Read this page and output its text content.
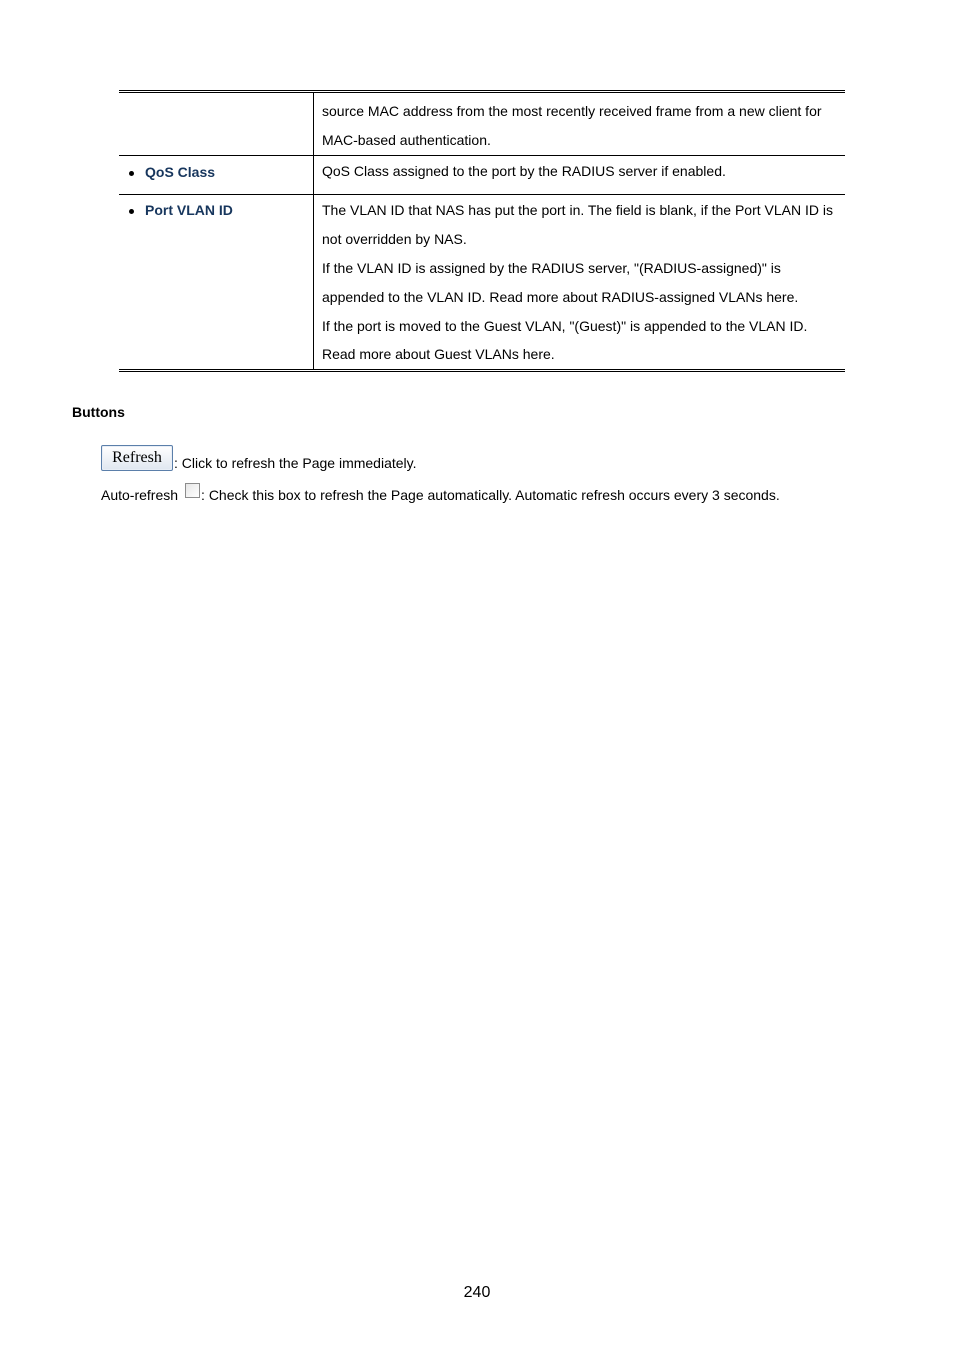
	source MAC address from the most recently received frame from a new client for MAC-based authentication.

QoS Class	QoS Class assigned to the port by the RADIUS server if enabled.

Port VLAN ID	The VLAN ID that NAS has put the port in. The field is blank, if the Port VLAN ID is not overridden by NAS.

If the VLAN ID is assigned by the RADIUS server, "(RADIUS-assigned)" is appended to the VLAN ID. Read more about RADIUS-assigned VLANs here.

If the port is moved to the Guest VLAN, "(Guest)" is appended to the VLAN ID. Read more about Guest VLANs here.

Buttons
Refresh : Click to refresh the Page immediately.
Auto-refresh : Check this box to refresh the Page automatically. Automatic refresh occurs every 3 seconds.
240
